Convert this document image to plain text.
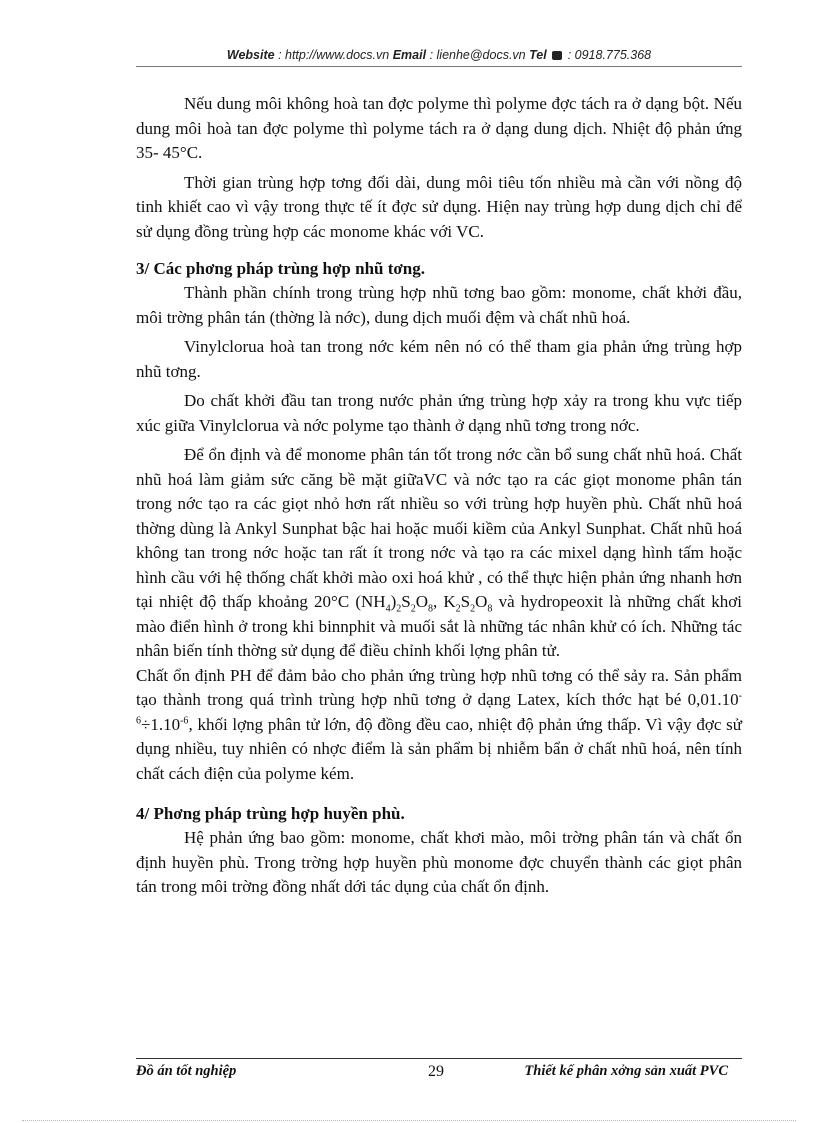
Website : http://www.docs.vn Email : lienhe@docs.vn Tel : 0918.775.368

Nếu dung môi không hoà tan đợc polyme thì polyme đợc tách ra ở dạng bột. Nếu dung môi hoà tan đợc polyme thì polyme tách ra ở dạng dung dịch. Nhiệt độ phản ứng 35- 45°C.

Thời gian trùng hợp tơng đối dài, dung môi tiêu tốn nhiều mà cần với nồng độ tinh khiết cao vì vậy trong thực tế ít đợc sử dụng. Hiện nay trùng hợp dung dịch chỉ để sử dụng đồng trùng hợp các monome khác với VC.

3/ Các phơng pháp trùng hợp nhũ tơng.

Thành phần chính trong trùng hợp nhũ tơng bao gồm: monome, chất khởi đầu, môi trờng phân tán (thờng là nớc), dung dịch muối đệm và chất nhũ hoá.

Vinylclorua hoà tan trong nớc kém nên nó có thể tham gia phản ứng trùng hợp nhũ tơng.

Do chất khởi đầu tan trong nước phản ứng trùng hợp xảy ra trong khu vực tiếp xúc giữa Vinylclorua và nớc polyme tạo thành ở dạng nhũ tơng trong nớc.

Để ổn định và để monome phân tán tốt trong nớc cần bổ sung chất nhũ hoá. Chất nhũ hoá làm giảm sức căng bề mặt giữaVC và nớc tạo ra các giọt monome phân tán trong nớc tạo ra các giọt nhỏ hơn rất nhiều so với trùng hợp huyền phù. Chất nhũ hoá thờng dùng là Ankyl Sunphat bậc hai hoặc muối kiềm của Ankyl Sunphat. Chất nhũ hoá không tan trong nớc hoặc tan rất ít trong nớc và tạo ra các mixel dạng hình tấm hoặc hình cầu với hệ thống chất khởi mào oxi hoá khử , có thể thực hiện phản ứng nhanh hơn tại nhiệt độ thấp khoảng 20°C $(NH_4)_2S_2O_8$, $K_2S_2O_8$ và hydropeoxit là những chất khơi mào điển hình ở trong khi binnphit và muối sắt là những tác nhân khử có ích. Những tác nhân biến tính thờng sử dụng để điều chỉnh khối lợng phân tử.

Chất ổn định PH để đảm bảo cho phản ứng trùng hợp nhũ tơng có thể sảy ra. Sản phẩm tạo thành trong quá trình trùng hợp nhũ tơng ở dạng Latex, kích thớc hạt bé $0,01.10^{-6}\div 1.10^{-6}$, khối lợng phân tử lớn, độ đồng đều cao, nhiệt độ phản ứng thấp. Vì vậy đợc sử dụng nhiều, tuy nhiên có nhợc điểm là sản phẩm bị nhiễm bẩn ở chất nhũ hoá, nên tính chất cách điện của polyme kém.

4/ Phơng pháp trùng hợp huyền phù.

Hệ phản ứng bao gồm: monome, chất khơi mào, môi trờng phân tán và chất ổn định huyền phù. Trong trờng hợp huyền phù monome đợc chuyển thành các giọt phân tán trong môi trờng đồng nhất dới tác dụng của chất ổn định.

Đồ án tốt nghiệp	29	Thiết kế phân xởng sản xuất PVC
